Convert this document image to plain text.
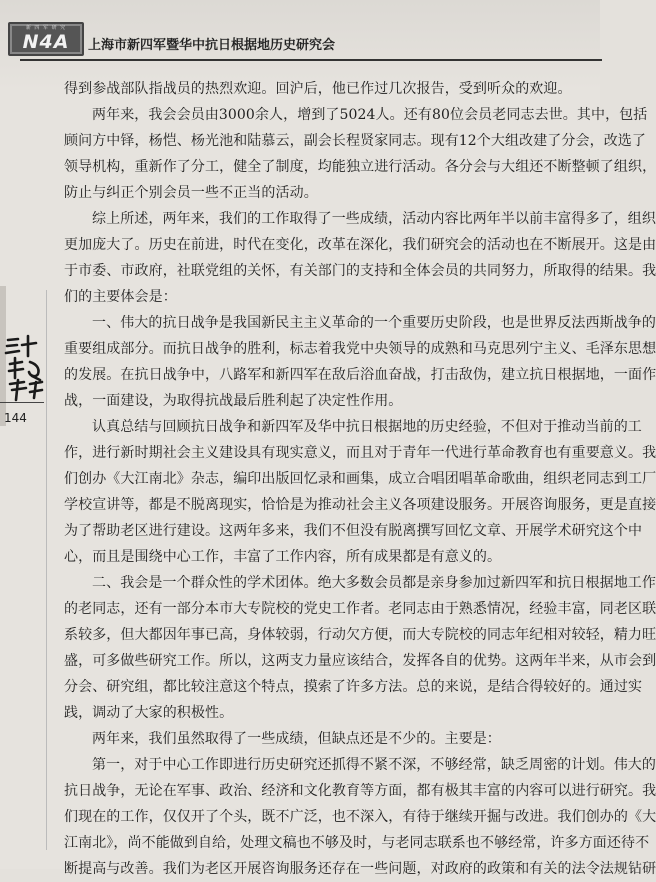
新 四 军 研 究
N4A	上海市新四军暨华中抗日根据地历史研究会
144
得到参战部队指战员的热烈欢迎。回沪后，他已作过几次报告，受到听众的欢迎。
两年来，我会会员由3000余人，增到了5024人。还有80位会员老同志去世。其中，包括
顾问方中铎，杨恺、杨光池和陆慕云，副会长程贤家同志。现有12个大组改建了分会，改选了
领导机构，重新作了分工，健全了制度，均能独立进行活动。各分会与大组还不断整顿了组织，
防止与纠正个别会员一些不正当的活动。
综上所述，两年来，我们的工作取得了一些成绩，活动内容比两年半以前丰富得多了，组织
更加庞大了。历史在前进，时代在变化，改革在深化，我们研究会的活动也在不断展开。这是由
于市委、市政府，社联党组的关怀，有关部门的支持和全体会员的共同努力，所取得的结果。我
们的主要体会是：
一、伟大的抗日战争是我国新民主主义革命的一个重要历史阶段，也是世界反法西斯战争的
重要组成部分。而抗日战争的胜利，标志着我党中央领导的成熟和马克思列宁主义、毛泽东思想
的发展。在抗日战争中，八路军和新四军在敌后浴血奋战，打击敌伪，建立抗日根据地，一面作
战，一面建设，为取得抗战最后胜利起了决定性作用。
认真总结与回顾抗日战争和新四军及华中抗日根据地的历史经验，不但对于推动当前的工
作，进行新时期社会主义建设具有现实意义，而且对于青年一代进行革命教育也有重要意义。我
们创办《大江南北》杂志，编印出版回忆录和画集，成立合唱团唱革命歌曲，组织老同志到工厂
学校宣讲等，都是不脱离现实，恰恰是为推动社会主义各项建设服务。开展咨询服务，更是直接
为了帮助老区进行建设。这两年多来，我们不但没有脱离撰写回忆文章、开展学术研究这个中
心，而且是围绕中心工作，丰富了工作内容，所有成果都是有意义的。
二、我会是一个群众性的学术团体。绝大多数会员都是亲身参加过新四军和抗日根据地工作
的老同志，还有一部分本市大专院校的党史工作者。老同志由于熟悉情况，经验丰富，同老区联
系较多，但大都因年事已高，身体较弱，行动欠方便，而大专院校的同志年纪相对较轻，精力旺
盛，可多做些研究工作。所以，这两支力量应该结合，发挥各自的优势。这两年半来，从市会到
分会、研究组，都比较注意这个特点，摸索了许多方法。总的来说，是结合得较好的。通过实
践，调动了大家的积极性。
两年来，我们虽然取得了一些成绩，但缺点还是不少的。主要是：
第一，对于中心工作即进行历史研究还抓得不紧不深，不够经常，缺乏周密的计划。伟大的
抗日战争，无论在军事、政治、经济和文化教育等方面，都有极其丰富的内容可以进行研究。我
们现在的工作，仅仅开了个头，既不广泛，也不深入，有待于继续开掘与改进。我们创办的《大
江南北》，尚不能做到自给，处理文稿也不够及时，与老同志联系也不够经常，许多方面还待不
断提高与改善。我们为老区开展咨询服务还存在一些问题，对政府的政策和有关的法令法规钻研
